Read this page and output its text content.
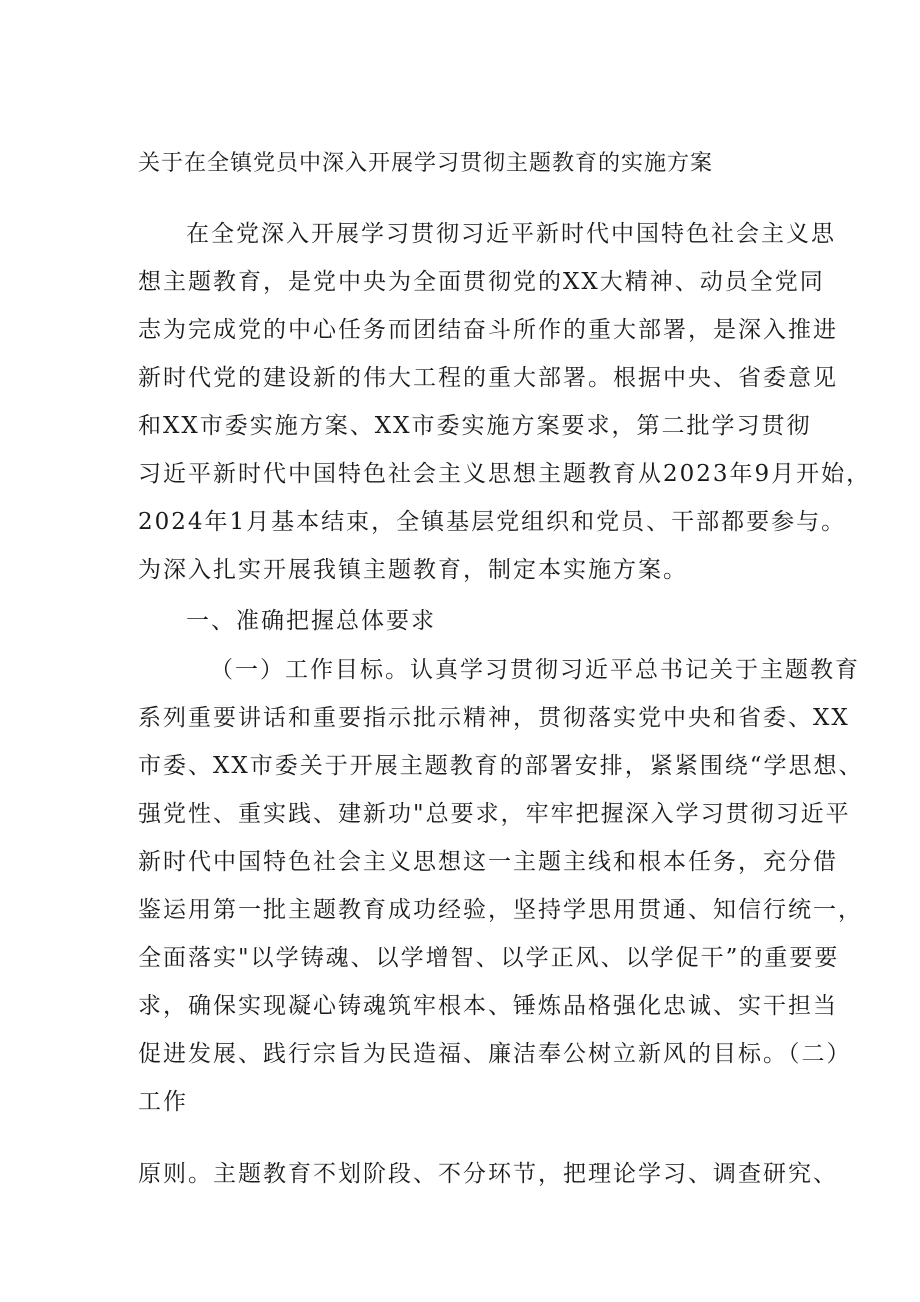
关于在全镇党员中深入开展学习贯彻主题教育的实施方案
在全党深入开展学习贯彻习近平新时代中国特色社会主义思
想主题教育，是党中央为全面贯彻党的XX大精神、动员全党同
志为完成党的中心任务而团结奋斗所作的重大部署，是深入推进
新时代党的建设新的伟大工程的重大部署。根据中央、省委意见
和XX市委实施方案、XX市委实施方案要求，第二批学习贯彻
习近平新时代中国特色社会主义思想主题教育从2023年9月开始，
2024年1月基本结束，全镇基层党组织和党员、干部都要参与。
为深入扎实开展我镇主题教育，制定本实施方案。
一、准确把握总体要求
（一）工作目标。认真学习贯彻习近平总书记关于主题教育
系列重要讲话和重要指示批示精神，贯彻落实党中央和省委、XX
市委、XX市委关于开展主题教育的部署安排，紧紧围绕“学思想、
强党性、重实践、建新功"总要求，牢牢把握深入学习贯彻习近平
新时代中国特色社会主义思想这一主题主线和根本任务，充分借
鉴运用第一批主题教育成功经验，坚持学思用贯通、知信行统一，
全面落实"以学铸魂、以学增智、以学正风、以学促干”的重要要
求，确保实现凝心铸魂筑牢根本、锤炼品格强化忠诚、实干担当
促进发展、践行宗旨为民造福、廉洁奉公树立新风的目标。（二）
工作
原则。主题教育不划阶段、不分环节，把理论学习、调查研究、
